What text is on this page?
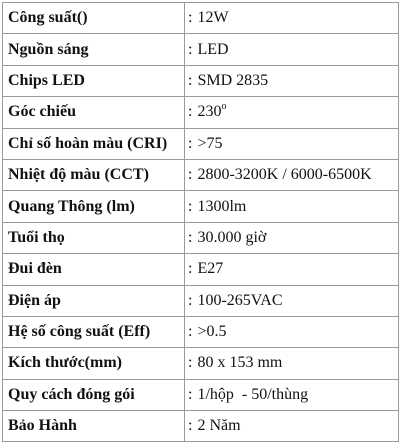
Công suất()	: 12W
Nguồn sáng	: LED
Chips LED	: SMD 2835
Góc chiếu	: 230$^o$
Chỉ số hoàn màu (CRI)	: >75
Nhiệt độ màu (CCT)	: 2800-3200K / 6000-6500K
Quang Thông (lm)	: 1300lm
Tuổi thọ	: 30.000 giờ
Đui đèn	: E27
Điện áp	: 100-265VAC
Hệ số công suất (Eff)	: >0.5
Kích thước(mm)	: 80 x 153 mm
Quy cách đóng gói	: 1/hộp  - 50/thùng
Bảo Hành	: 2 Năm
